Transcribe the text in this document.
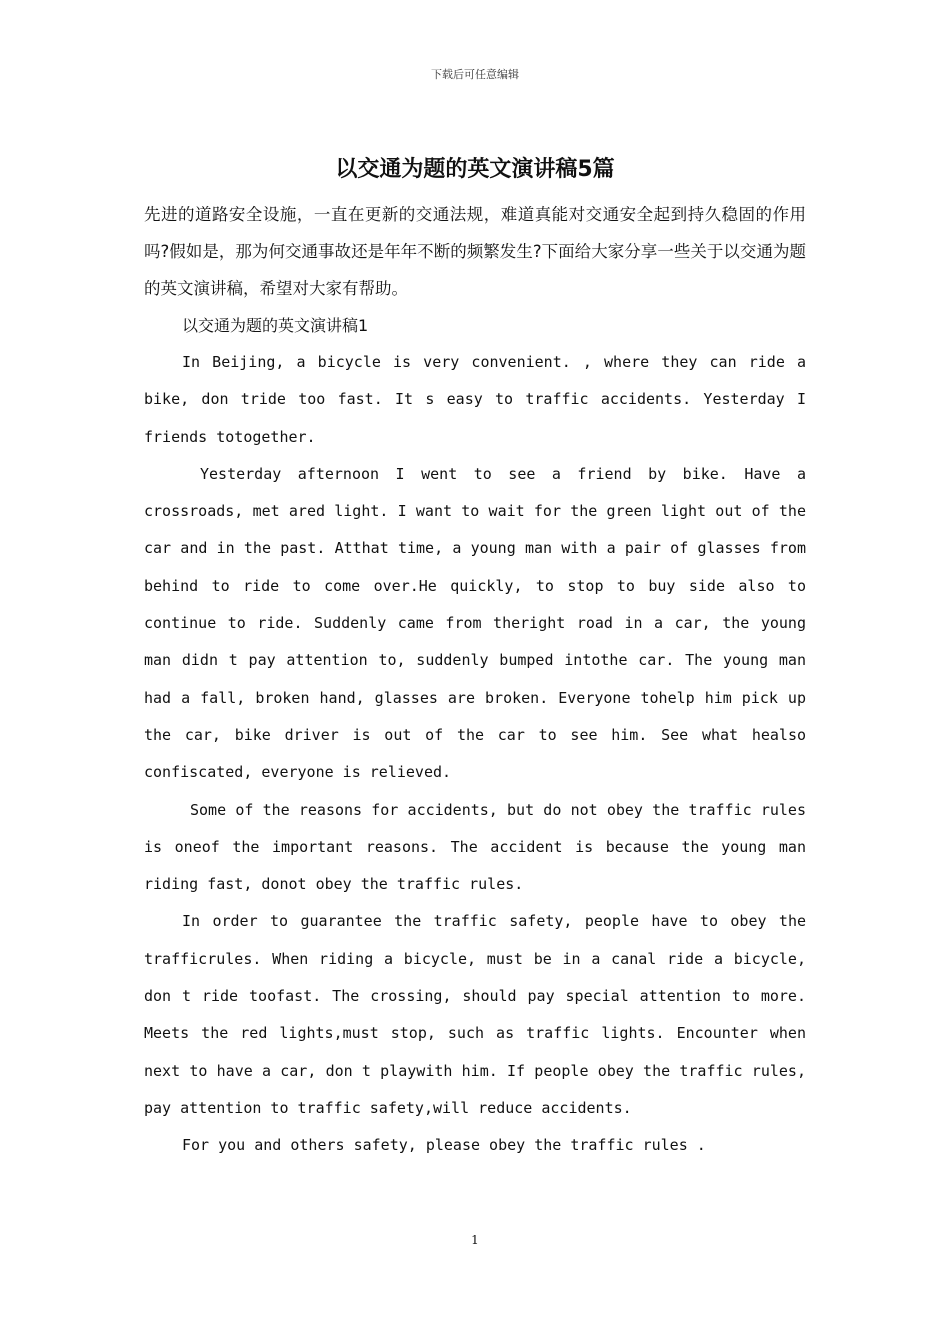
下载后可任意编辑
以交通为题的英文演讲稿5篇

先进的道路安全设施，一直在更新的交通法规，难道真能对交通安全起到持久稳固的作用吗?假如是，那为何交通事故还是年年不断的频繁发生?下面给大家分享一些关于以交通为题的英文演讲稿，希望对大家有帮助。

以交通为题的英文演讲稿1

In Beijing, a bicycle is very convenient. , where they can ride a bike, don tride too fast. It s easy to traffic accidents. Yesterday I friends totogether.

Yesterday afternoon I went to see a friend by bike. Have a crossroads, met ared light. I want to wait for the green light out of the car and in the past. Atthat time, a young man with a pair of glasses from behind to ride to come over.He quickly, to stop to buy side also to continue to ride. Suddenly came from theright road in a car, the young man didn t pay attention to, suddenly bumped intothe car. The young man had a fall, broken hand, glasses are broken. Everyone tohelp him pick up the car, bike driver is out of the car to see him. See what healso confiscated, everyone is relieved.

Some of the reasons for accidents, but do not obey the traffic rules is oneof the important reasons. The accident is because the young man riding fast, donot obey the traffic rules.

In order to guarantee the traffic safety, people have to obey the trafficrules. When riding a bicycle, must be in a canal ride a bicycle, don t ride toofast. The crossing, should pay special attention to more. Meets the red lights,must stop, such as traffic lights. Encounter when next to have a car, don t playwith him. If people obey the traffic rules, pay attention to traffic safety,will reduce accidents.

For you and others safety, please obey the traffic rules .

1
